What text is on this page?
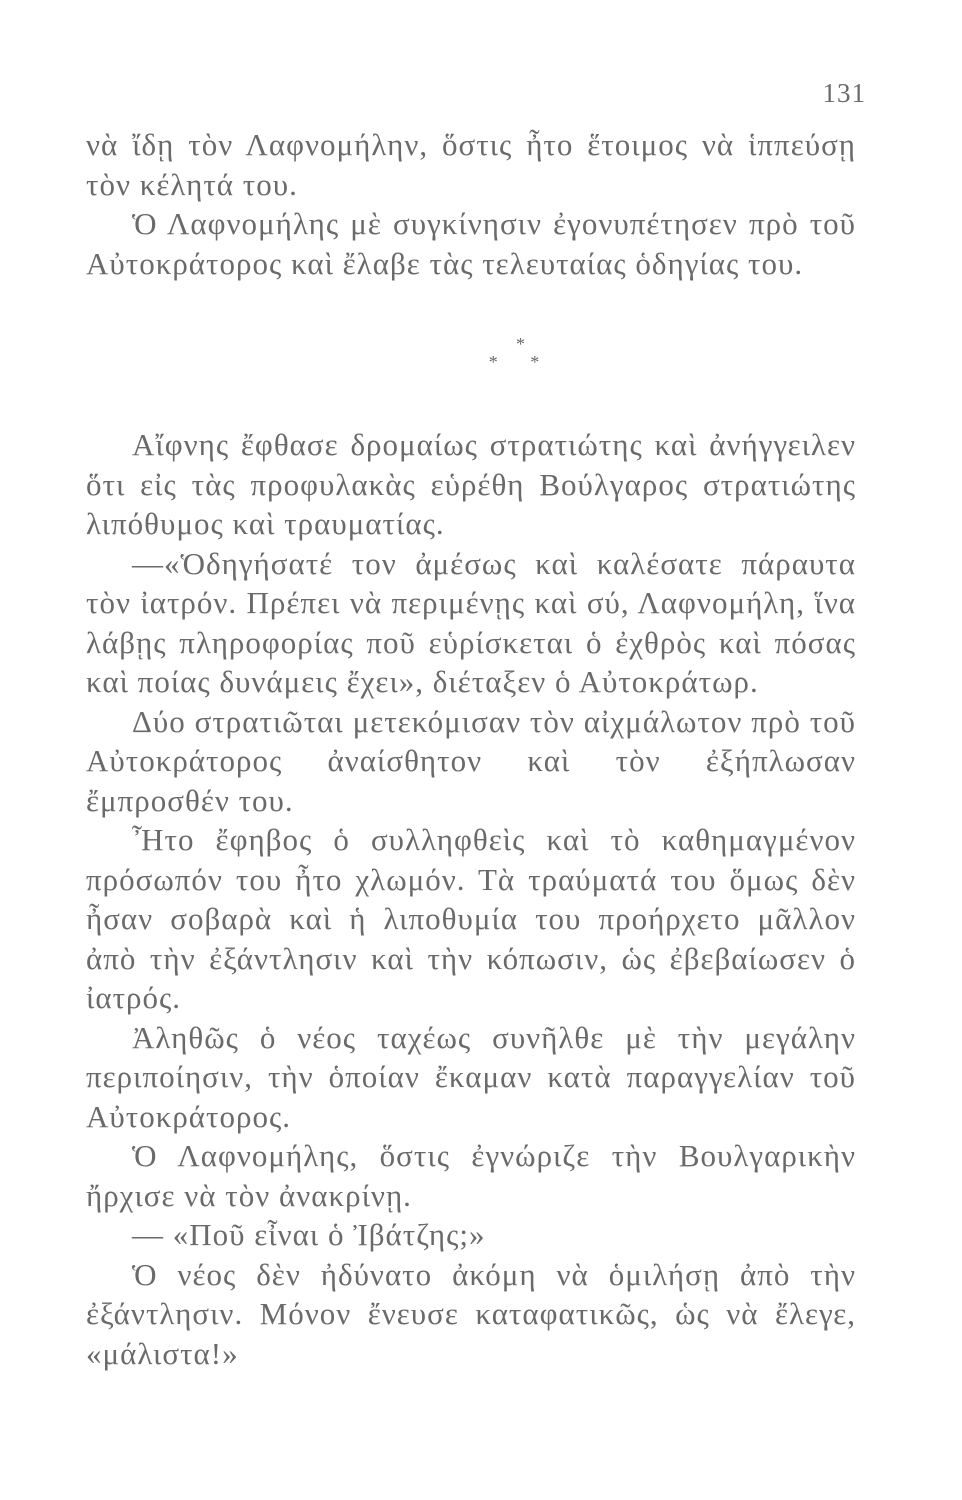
131

νὰ ἴδῃ τὸν Λαφνομήλην, ὅστις ἦτο ἕτοιμος νὰ ἱππεύσῃ τὸν κέλητά του.

Ὁ Λαφνομήλης μὲ συγκίνησιν ἐγονυπέτησεν πρὸ τοῦ Αὐτοκράτορος καὶ ἔλαβε τὰς τελευταίας ὁδηγίας του.

*
* *

Αἴφνης ἔφθασε δρομαίως στρατιώτης καὶ ἀνήγγειλεν ὅτι εἰς τὰς προφυλακὰς εὑρέθη Βούλγαρος στρατιώτης λιπόθυμος καὶ τραυματίας.

—«Ὁδηγήσατέ τον ἀμέσως καὶ καλέσατε πάραυτα τὸν ἰατρόν. Πρέπει νὰ περιμένῃς καὶ σύ, Λαφνομήλη, ἵνα λάβῃς πληροφορίας ποῦ εὑρίσκεται ὁ ἐχθρὸς καὶ πόσας καὶ ποίας δυνάμεις ἔχει», διέταξεν ὁ Αὐτοκράτωρ.

Δύο στρατιῶται μετεκόμισαν τὸν αἰχμάλωτον πρὸ τοῦ Αὐτοκράτορος ἀναίσθητον καὶ τὸν ἐξήπλωσαν ἔμπροσθέν του.

Ἦτο ἔφηβος ὁ συλληφθεὶς καὶ τὸ καθημαγμένον πρόσωπόν του ἦτο χλωμόν. Τὰ τραύματά του ὅμως δὲν ἦσαν σοβαρὰ καὶ ἡ λιποθυμία του προήρχετο μᾶλλον ἀπὸ τὴν ἐξάντλησιν καὶ τὴν κόπωσιν, ὡς ἐβεβαίωσεν ὁ ἰατρός.

Ἀληθῶς ὁ νέος ταχέως συνῆλθε μὲ τὴν μεγάλην περιποίησιν, τὴν ὁποίαν ἔκαμαν κατὰ παραγγελίαν τοῦ Αὐτοκράτορος.

Ὁ Λαφνομήλης, ὅστις ἐγνώριζε τὴν Βουλγαρικὴν ἤρχισε νὰ τὸν ἀνακρίνῃ.

— «Ποῦ εἶναι ὁ Ἰβάτζης;»

Ὁ νέος δὲν ἠδύνατο ἀκόμη νὰ ὁμιλήσῃ ἀπὸ τὴν ἐξάντλησιν. Μόνον ἔνευσε καταφατικῶς, ὡς νὰ ἔλεγε, «μάλιστα!»
